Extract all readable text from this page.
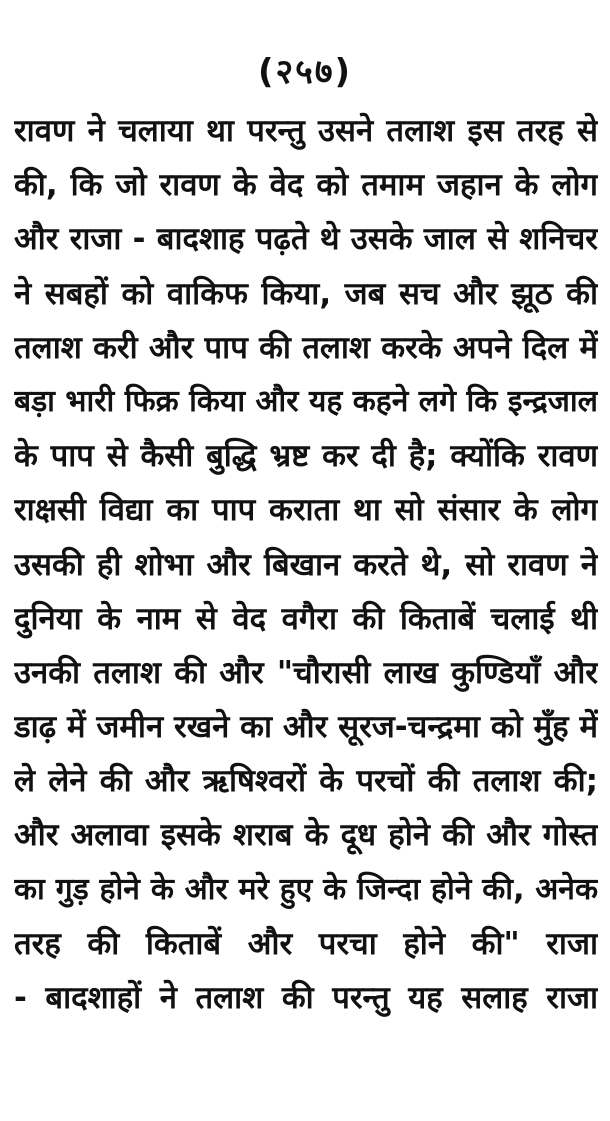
(२५७)
रावण ने चलाया था परन्तु उसने तलाश इस तरह से
की, कि जो रावण के वेद को तमाम जहान के लोग
और राजा - बादशाह पढ़ते थे उसके जाल से शनिचर
ने सबहों को वाकिफ किया, जब सच और झूठ की
तलाश करी और पाप की तलाश करके अपने दिल में
बड़ा भारी फिक्र किया और यह कहने लगे कि इन्द्रजाल
के पाप से कैसी बुद्धि भ्रष्ट कर दी है; क्योंकि रावण
राक्षसी विद्या का पाप कराता था सो संसार के लोग
उसकी ही शोभा और बिखान करते थे, सो रावण ने
दुनिया के नाम से वेद वगैरा की किताबें चलाई थी
उनकी तलाश की और "चौरासी लाख कुण्डियाँ और
डाढ़ में जमीन रखने का और सूरज-चन्द्रमा को मुँह में
ले लेने की और ऋषिश्वरों के परचों की तलाश की;
और अलावा इसके शराब के दूध होने की और गोस्त
का गुड़ होने के और मरे हुए के जिन्दा होने की, अनेक
तरह की किताबें और परचा होने की" राजा
- बादशाहों ने तलाश की परन्तु यह सलाह राजा
